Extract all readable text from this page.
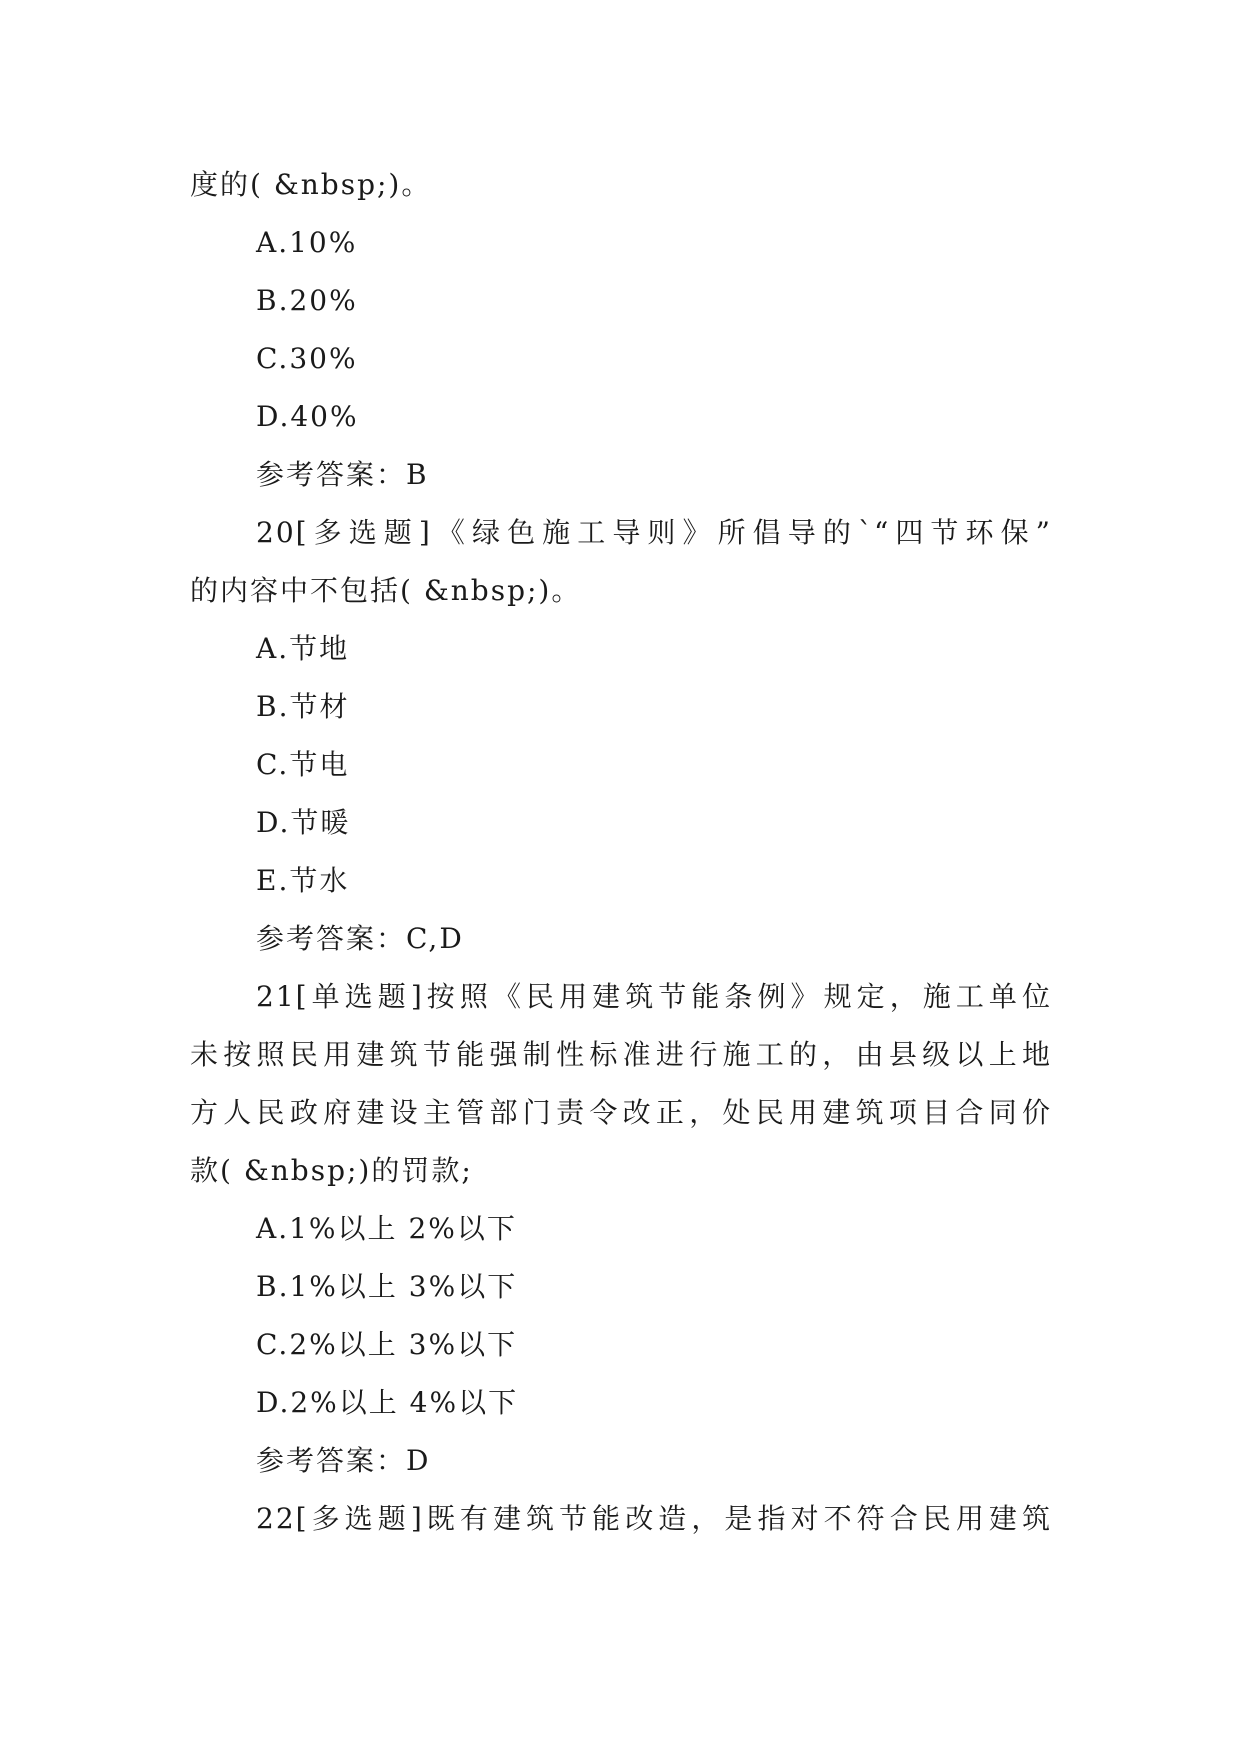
度的( &nbsp;)。
A.10%
B.20%
C.30%
D.40%
参考答案：B
20[多选题]《绿色施工导则》所倡导的`“四节环保”
的内容中不包括( &nbsp;)。
A.节地
B.节材
C.节电
D.节暖
E.节水
参考答案：C,D
21[单选题]按照《民用建筑节能条例》规定，施工单位
未按照民用建筑节能强制性标准进行施工的，由县级以上地
方人民政府建设主管部门责令改正，处民用建筑项目合同价
款( &nbsp;)的罚款;
A.1%以上 2%以下
B.1%以上 3%以下
C.2%以上 3%以下
D.2%以上 4%以下
参考答案：D
22[多选题]既有建筑节能改造，是指对不符合民用建筑
